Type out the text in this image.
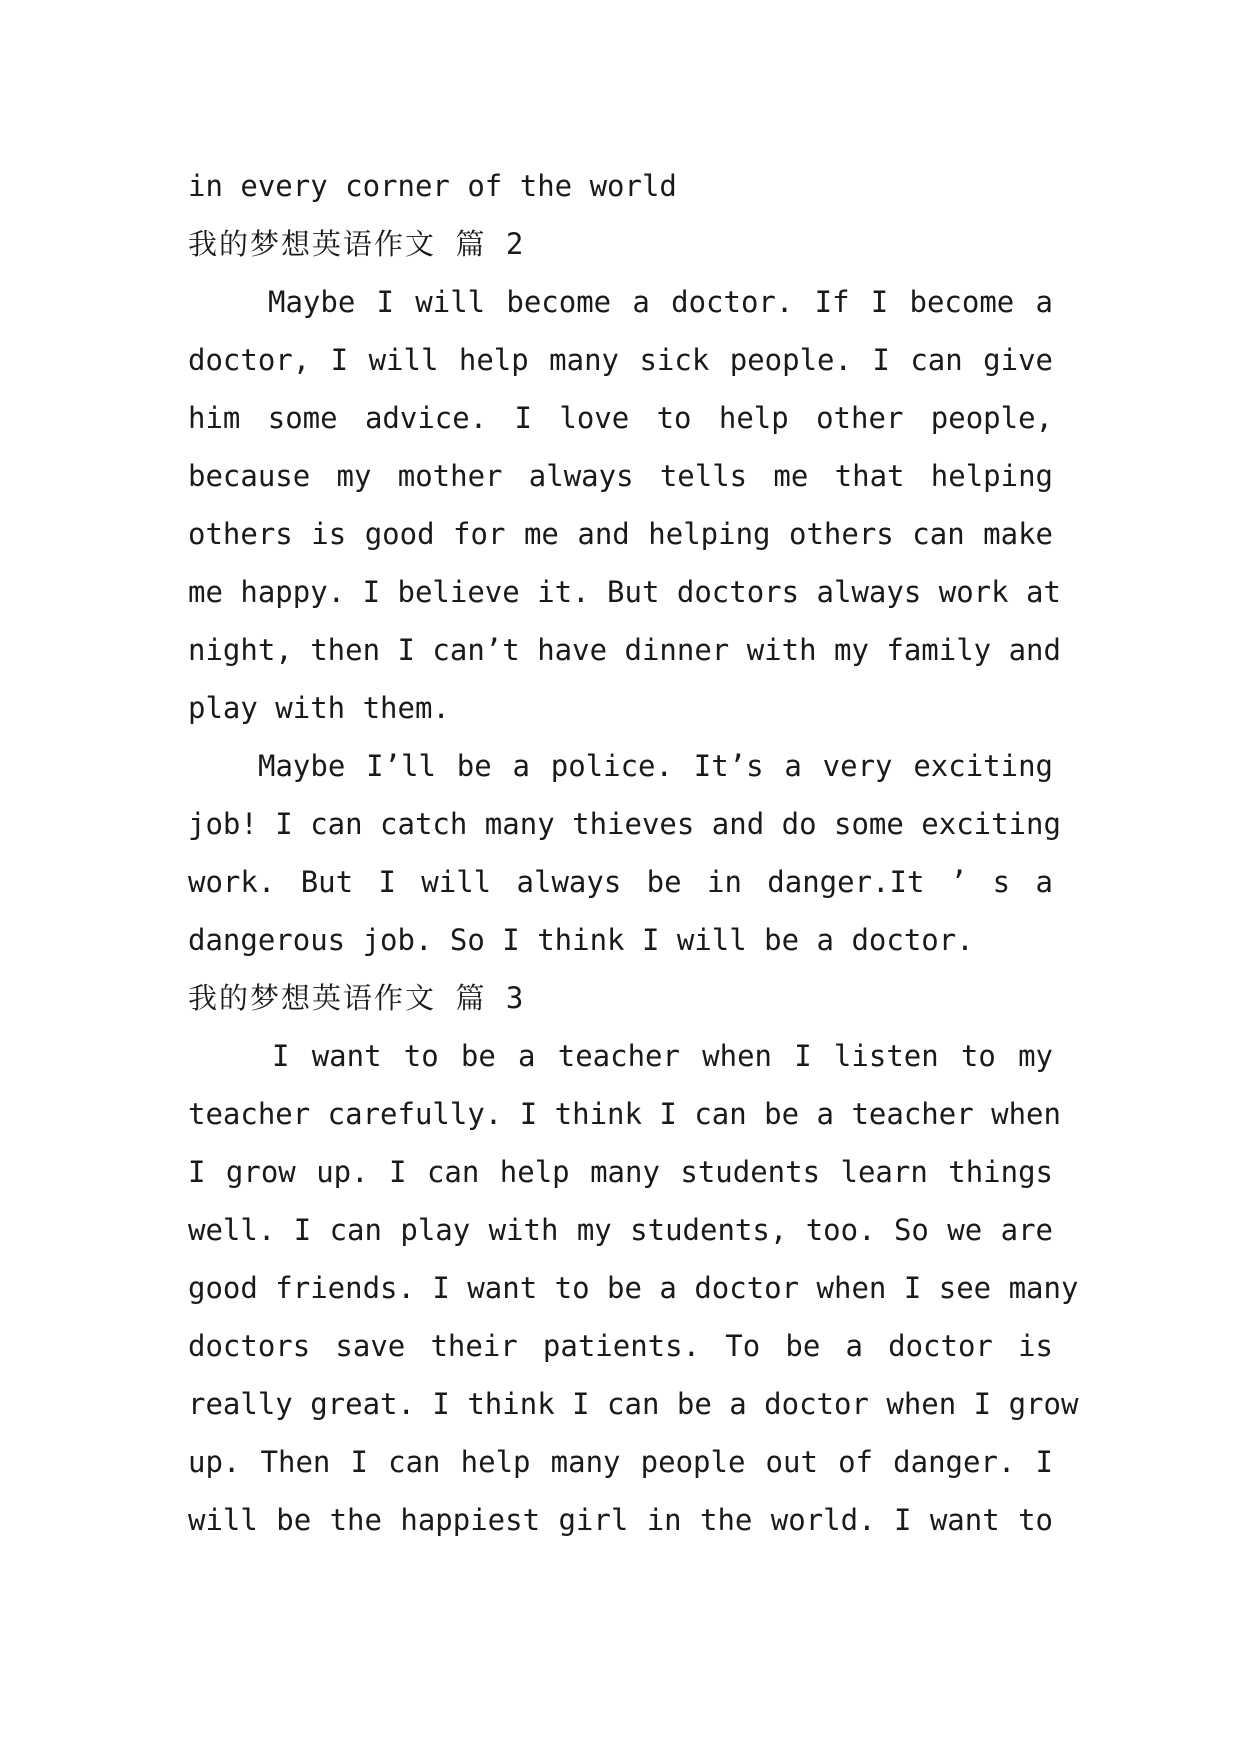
in every corner of the world
我的梦想英语作文 篇 2
Maybe I will become a doctor. If I become a
doctor, I will help many sick people. I can give
him some advice. I love to help other people,
because my mother always tells me that helping
others is good for me and helping others can make
me happy. I believe it. But doctors always work at
night, then I can’t have dinner with my family and
play with them.
Maybe I’ll be a police. It’s a very exciting
job! I can catch many thieves and do some exciting
work. But I will always be in danger.It ’ s a
dangerous job. So I think I will be a doctor.
我的梦想英语作文 篇 3
I want to be a teacher when I listen to my
teacher carefully. I think I can be a teacher when
I grow up. I can help many students learn things
well. I can play with my students, too. So we are
good friends. I want to be a doctor when I see many
doctors save their patients. To be a doctor is
really great. I think I can be a doctor when I grow
up. Then I can help many people out of danger. I
will be the happiest girl in the world. I want to
